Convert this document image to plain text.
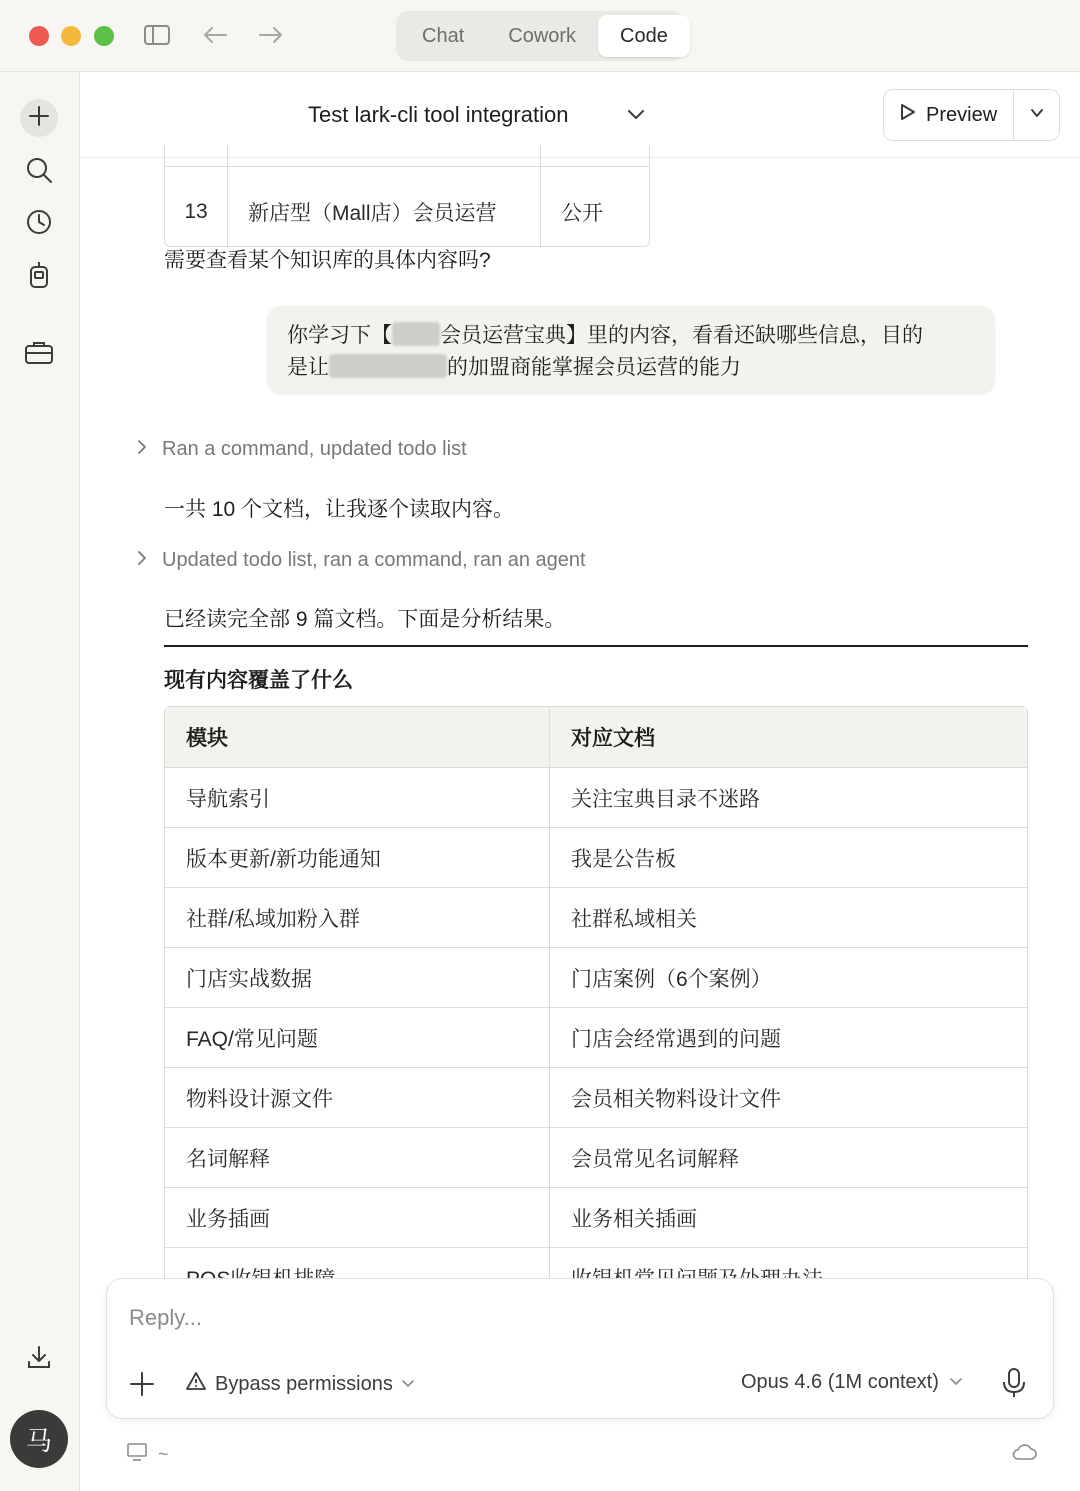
Chat	Cowork	Code
马
Test lark-cli tool integration	Preview
13	新店型（Mall店）会员运营	公开
需要查看某个知识库的具体内容吗?
你学习下【 会员运营宝典】里的内容，看看还缺哪些信息，目的
是让	的加盟商能掌握会员运营的能力
Ran a command, updated todo list
一共 10 个文档，让我逐个读取内容。
Updated todo list, ran a command, ran an agent
已经读完全部 9 篇文档。下面是分析结果。
现有内容覆盖了什么
模块	对应文档
导航索引	关注宝典目录不迷路
版本更新/新功能通知	我是公告板
社群/私域加粉入群	社群私域相关
门店实战数据	门店案例（6个案例）
FAQ/常见问题	门店会经常遇到的问题
物料设计源文件	会员相关物料设计文件
名词解释	会员常见名词解释
业务插画	业务相关插画
Reply...
Bypass permissions	Opus 4.6 (1M context)
~
